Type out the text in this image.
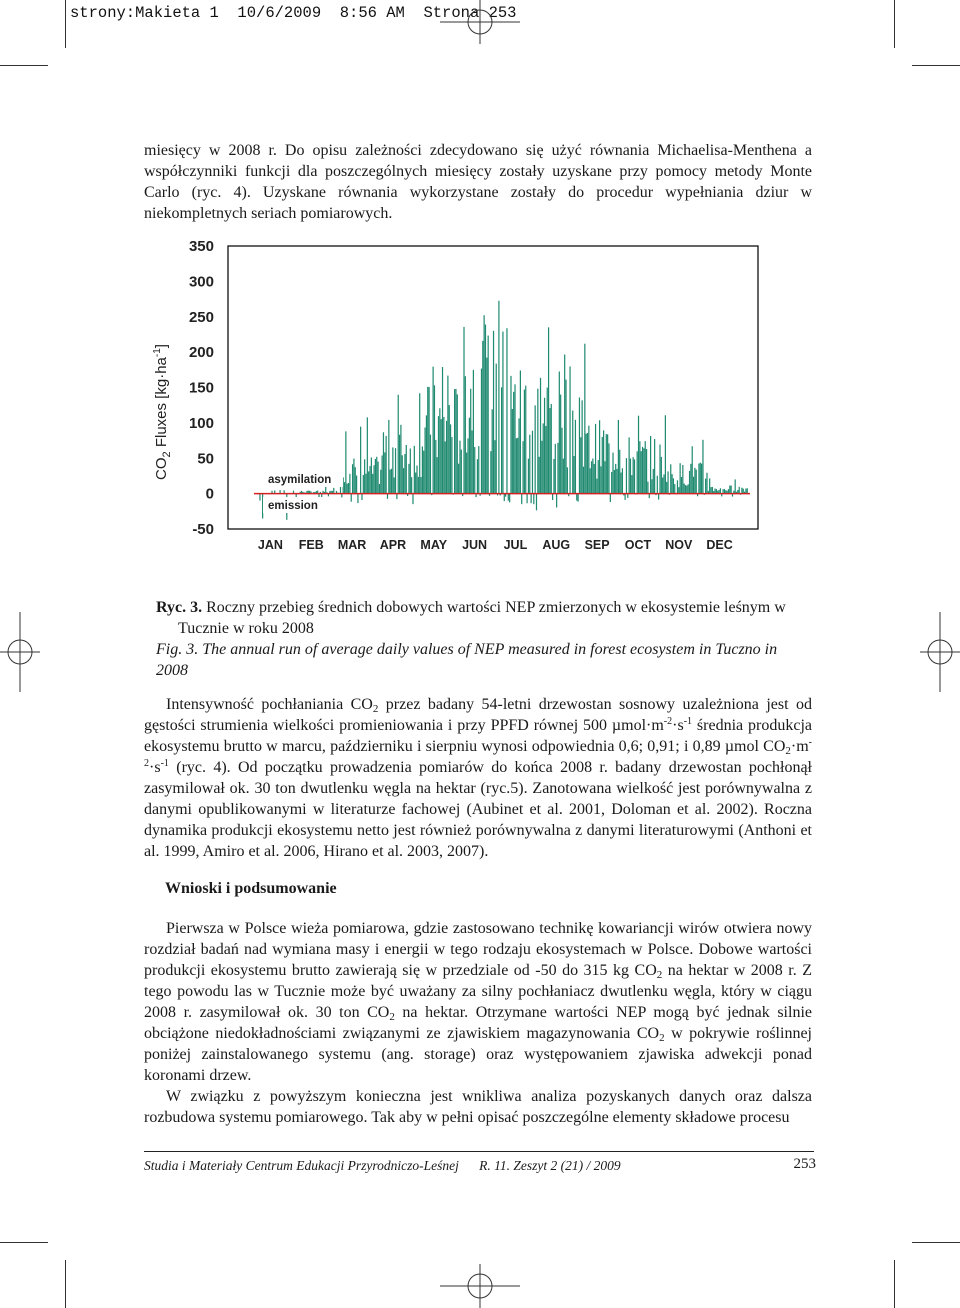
strony:Makieta 1  10/6/2009  8:56 AM  Strona 253

miesięcy w 2008 r. Do opisu zależności zdecydowano się użyć równania Michaelisa-Menthena a współczynniki funkcji dla poszczególnych miesięcy zostały uzyskane przy pomocy metody Monte Carlo (ryc. 4). Uzyskane równania wykorzystane zostały do procedur wypełniania dziur w niekompletnych seriach pomiarowych.

$CO_2$ Fluxes $[kg\cdot ha^{-1}]$
350
300
250
200
150
100
50
0
-50
asymilation
emission
JAN FEB MAR APR MAY JUN JUL AUG SEP OCT NOV DEC
Ryc. 3. Roczny przebieg średnich dobowych wartości NEP zmierzonych w ekosystemie leśnym w Tucznie w roku 2008
Fig. 3. The annual run of average daily values of NEP measured in forest ecosystem in Tuczno in 2008

Intensywność pochłaniania $CO_2$ przez badany 54-letni drzewostan sosnowy uzależniona jest od gęstości strumienia wielkości promieniowania i przy PPFD równej 500 $\mu mol\cdot m^{-2}\cdot s^{-1}$ średnia produkcja ekosystemu brutto w marcu, październiku i sierpniu wynosi odpowiednia 0,6; 0,91; i 0,89 µmol $CO_2\cdot m^{-2}\cdot s^{-1}$ (ryc. 4). Od początku prowadzenia pomiarów do końca 2008 r. badany drzewostan pochłonął zasymilował ok. 30 ton dwutlenku węgla na hektar (ryc.5). Zanotowana wielkość jest porównywalna z danymi opublikowanymi w literaturze fachowej (Aubinet et al. 2001, Doloman et al. 2002). Roczna dynamika produkcji ekosystemu netto jest również porównywalna z danymi literaturowymi (Anthoni et al. 1999, Amiro et al. 2006, Hirano et al. 2003, 2007).

Wnioski i podsumowanie

Pierwsza w Polsce wieża pomiarowa, gdzie zastosowano technikę kowariancji wirów otwiera nowy rozdział badań nad wymiana masy i energii w tego rodzaju ekosystemach w Polsce. Dobowe wartości produkcji ekosystemu brutto zawierają się w przedziale od -50 do 315 kg $CO_2$ na hektar w 2008 r. Z tego powodu las w Tucznie może być uważany za silny pochłaniacz dwutlenku węgla, który w ciągu 2008 r. zasymilował ok. 30 ton $CO_2$ na hektar. Otrzymane wartości NEP mogą być jednak silnie obciążone niedokładnościami związanymi ze zjawiskiem magazynowania $CO_2$ w pokrywie roślinnej poniżej zainstalowanego systemu (ang. storage) oraz występowaniem zjawiska adwekcji ponad koronami drzew.

W związku z powyższym konieczna jest wnikliwa analiza pozyskanych danych oraz dalsza rozbudowa systemu pomiarowego. Tak aby w pełni opisać poszczególne elementy składowe procesu

Studia i Materiały Centrum Edukacji Przyrodniczo-Leśnej      R. 11. Zeszyt 2 (21) / 2009	253
